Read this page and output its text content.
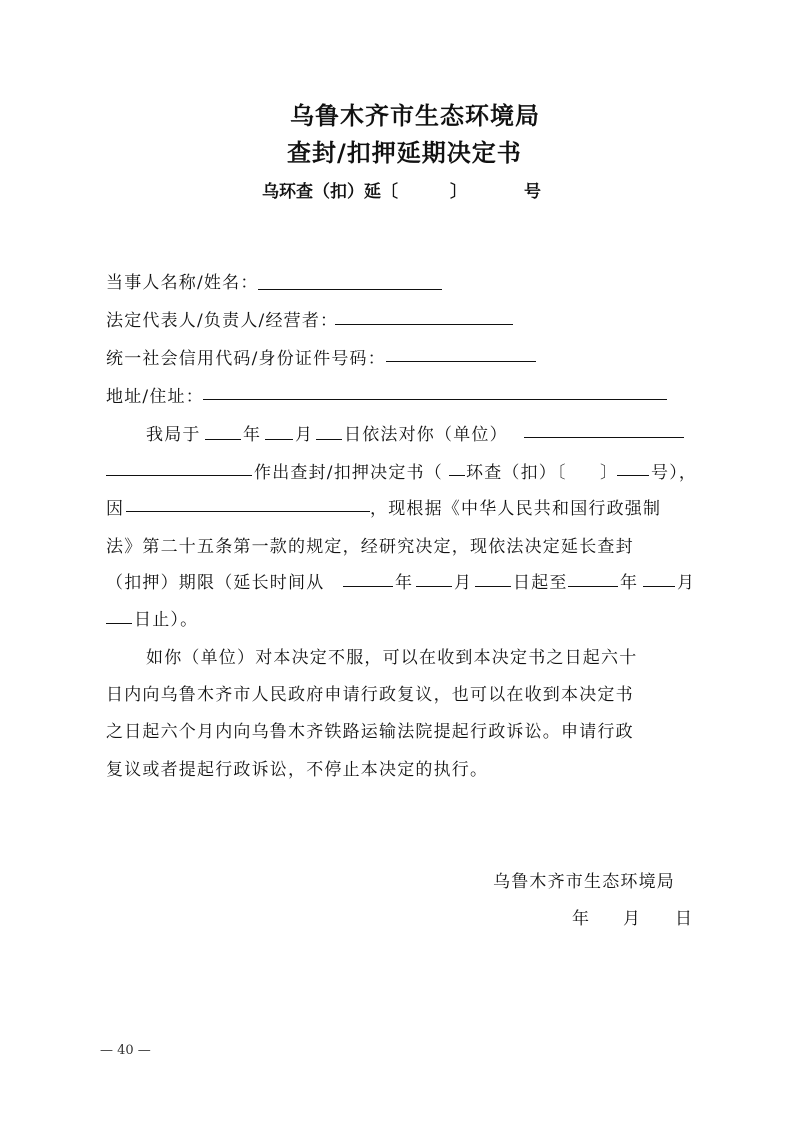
乌鲁木齐市生态环境局
查封/扣押延期决定书
乌环查（扣）延〔	〕	号
当事人名称/姓名：
法定代表人/负责人/经营者：
统一社会信用代码/身份证件号码：
地址/住址：
我局于 年 月 日依法对你（单位）
作出查封/扣押决定书（ 环查（扣）〔 〕 号），
因	，现根据《中华人民共和国行政强制
法》第二十五条第一款的规定，经研究决定，现依法决定延长查封
（扣押）期限（延长时间从	年 月 日起至	年 月
日止）。
如你（单位）对本决定不服，可以在收到本决定书之日起六十
日内向乌鲁木齐市人民政府申请行政复议，也可以在收到本决定书
之日起六个月内向乌鲁木齐铁路运输法院提起行政诉讼。申请行政
复议或者提起行政诉讼，不停止本决定的执行。
乌鲁木齐市生态环境局
年 月 日
— 40 —
